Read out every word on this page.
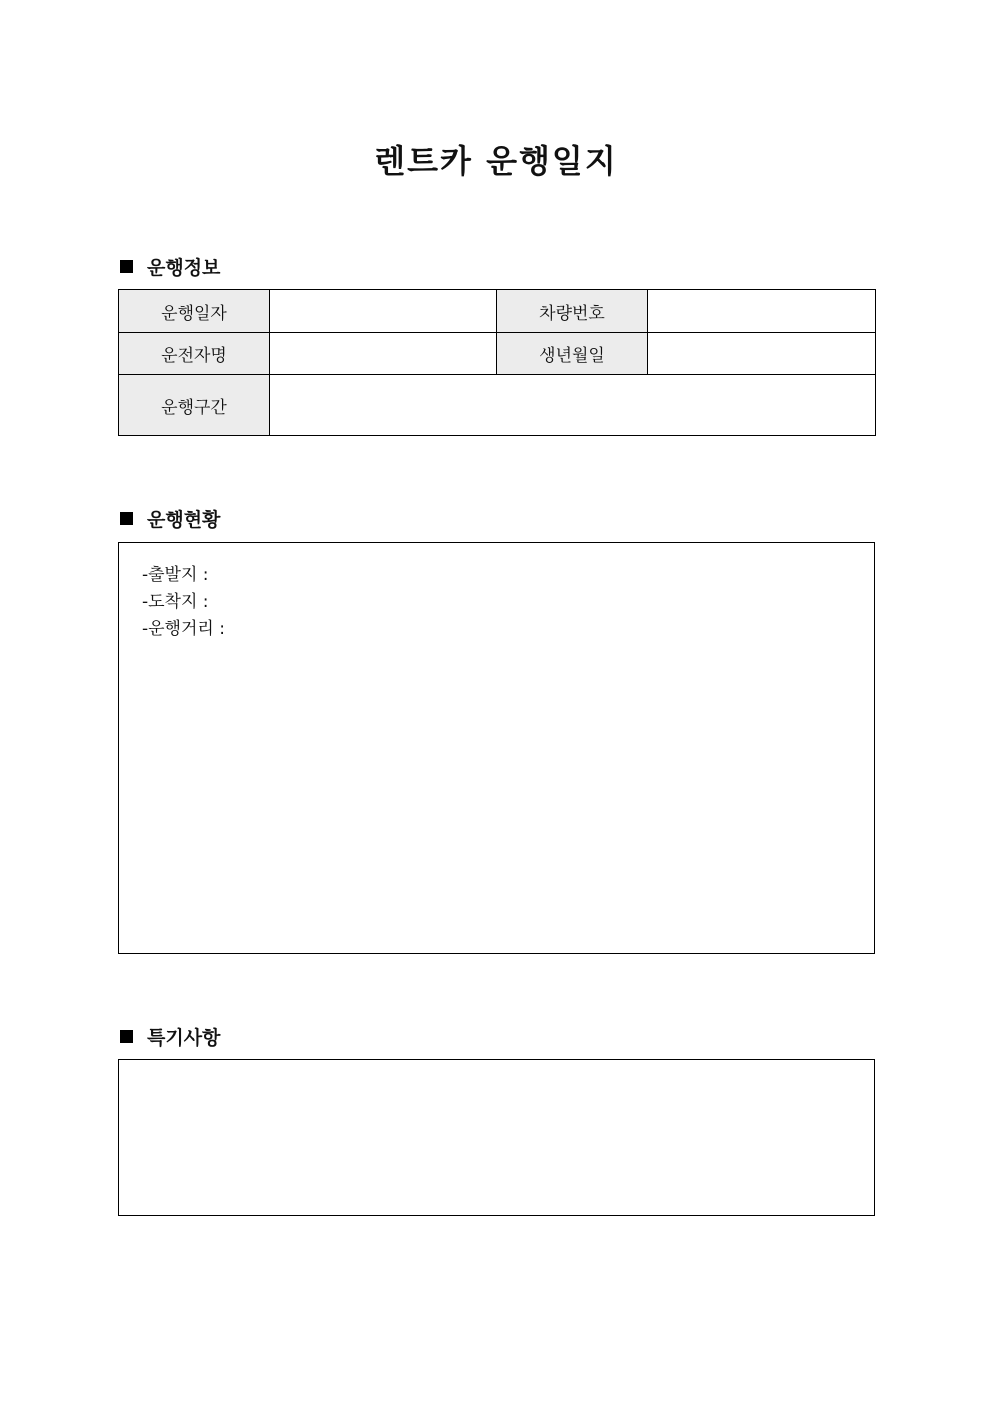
렌트카 운행일지
운행정보
운행일자		차량번호	
운전자명		생년월일	
운행구간			
운행현황
-출발지 :
-도착지 :
-운행거리 :
특기사항
